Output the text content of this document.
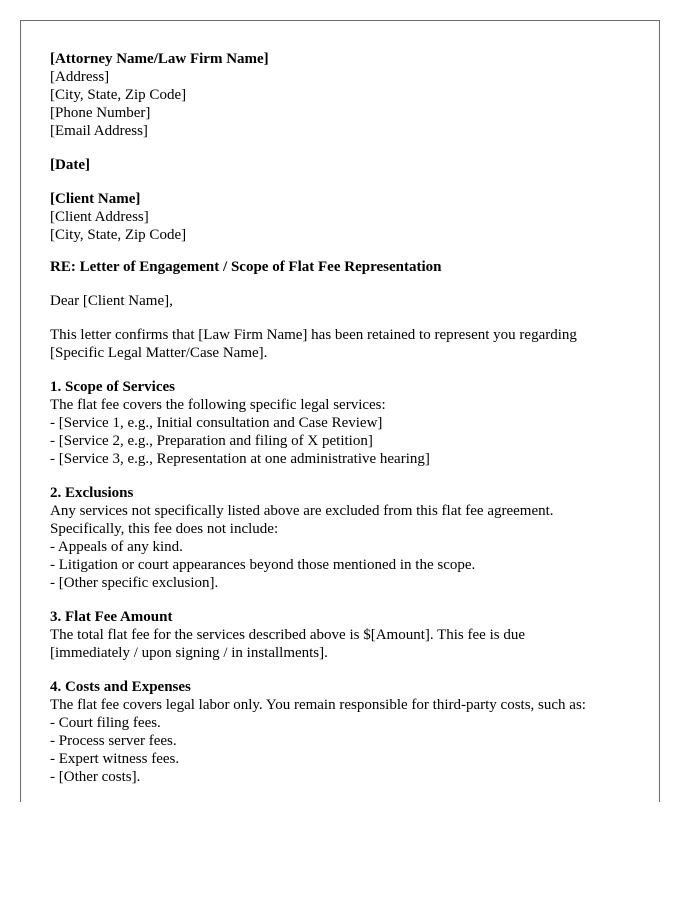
[Attorney Name/Law Firm Name]
[Address]
[City, State, Zip Code]
[Phone Number]
[Email Address]
[Date]
[Client Name]
[Client Address]
[City, State, Zip Code]
RE: Letter of Engagement / Scope of Flat Fee Representation
Dear [Client Name],
This letter confirms that [Law Firm Name] has been retained to represent you regarding
[Specific Legal Matter/Case Name].
1. Scope of Services
The flat fee covers the following specific legal services:
- [Service 1, e.g., Initial consultation and Case Review]
- [Service 2, e.g., Preparation and filing of X petition]
- [Service 3, e.g., Representation at one administrative hearing]
2. Exclusions
Any services not specifically listed above are excluded from this flat fee agreement.
Specifically, this fee does not include:
- Appeals of any kind.
- Litigation or court appearances beyond those mentioned in the scope.
- [Other specific exclusion].
3. Flat Fee Amount
The total flat fee for the services described above is $[Amount]. This fee is due
[immediately / upon signing / in installments].
4. Costs and Expenses
The flat fee covers legal labor only. You remain responsible for third-party costs, such as:
- Court filing fees.
- Process server fees.
- Expert witness fees.
- [Other costs].
